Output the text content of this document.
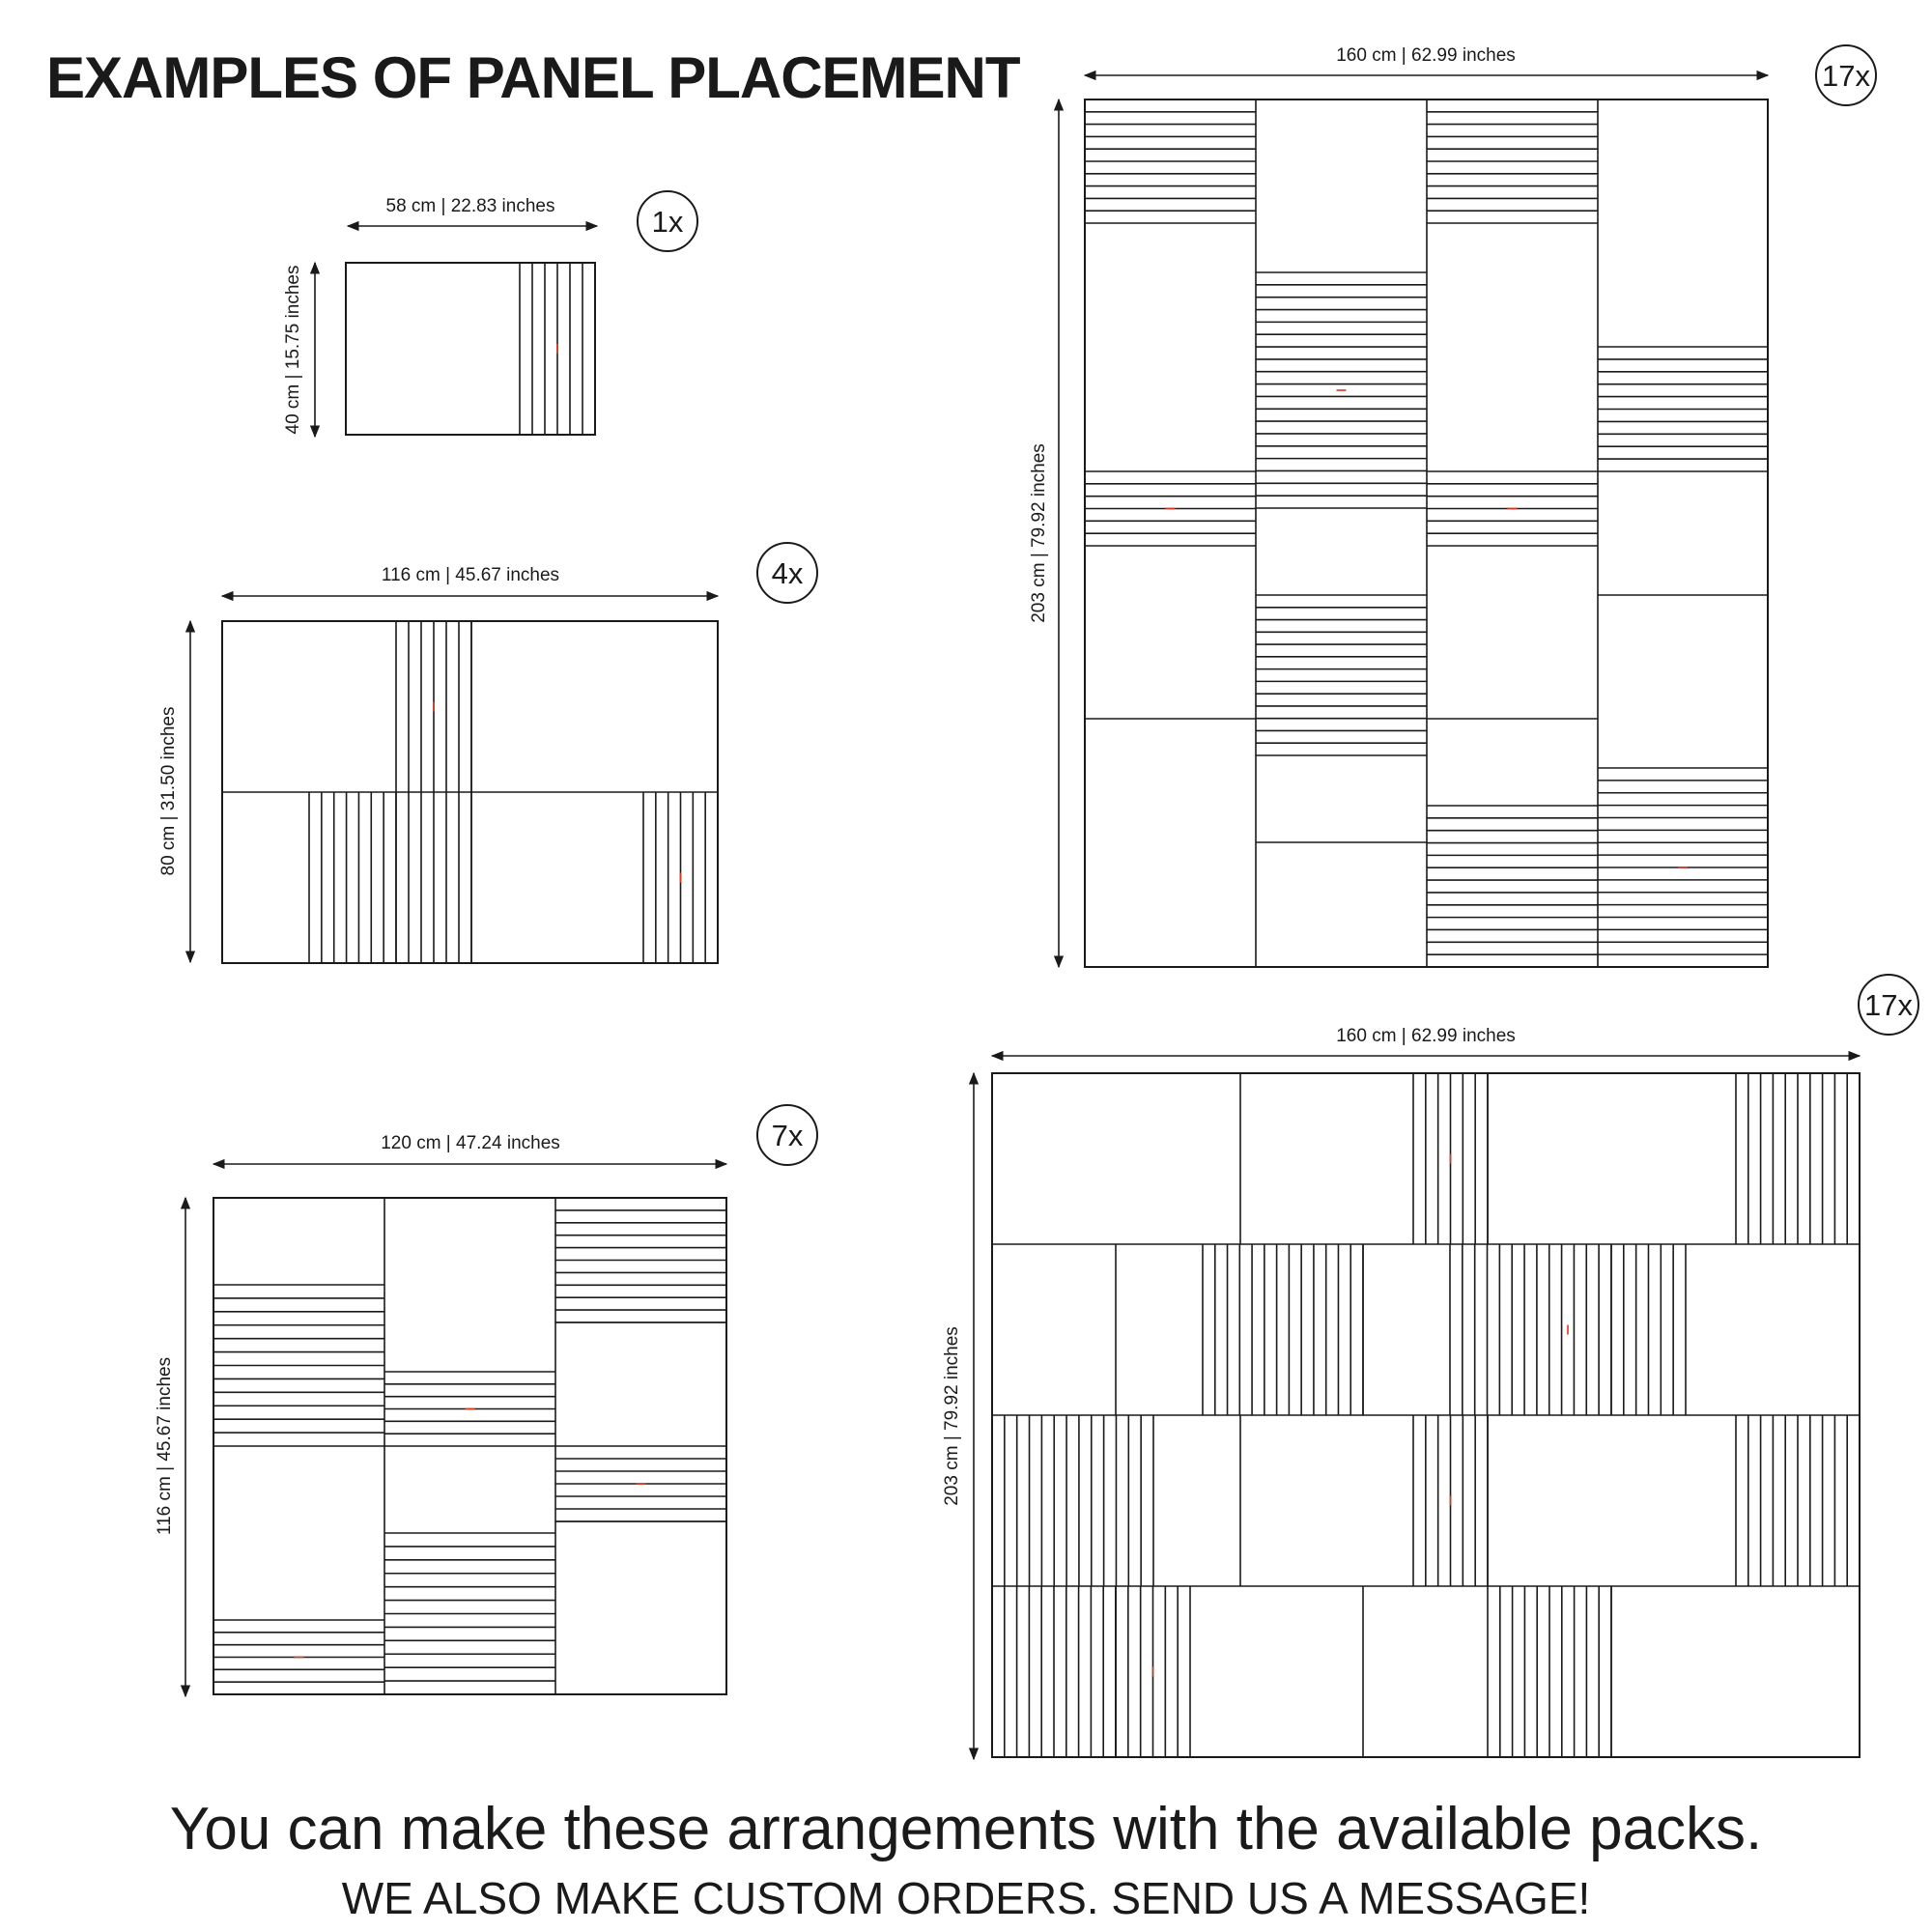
EXAMPLES OF PANEL PLACEMENT
58 cm | 22.83 inches
40 cm | 15.75 inches
1x
116 cm | 45.67 inches
80 cm | 31.50 inches
4x
120 cm | 47.24 inches
116 cm | 45.67 inches
7x
160 cm | 62.99 inches
203 cm | 79.92 inches
17x
160 cm | 62.99 inches
203 cm | 79.92 inches
17x
You can make these arrangements with the available packs.
WE ALSO MAKE CUSTOM ORDERS. SEND US A MESSAGE!
